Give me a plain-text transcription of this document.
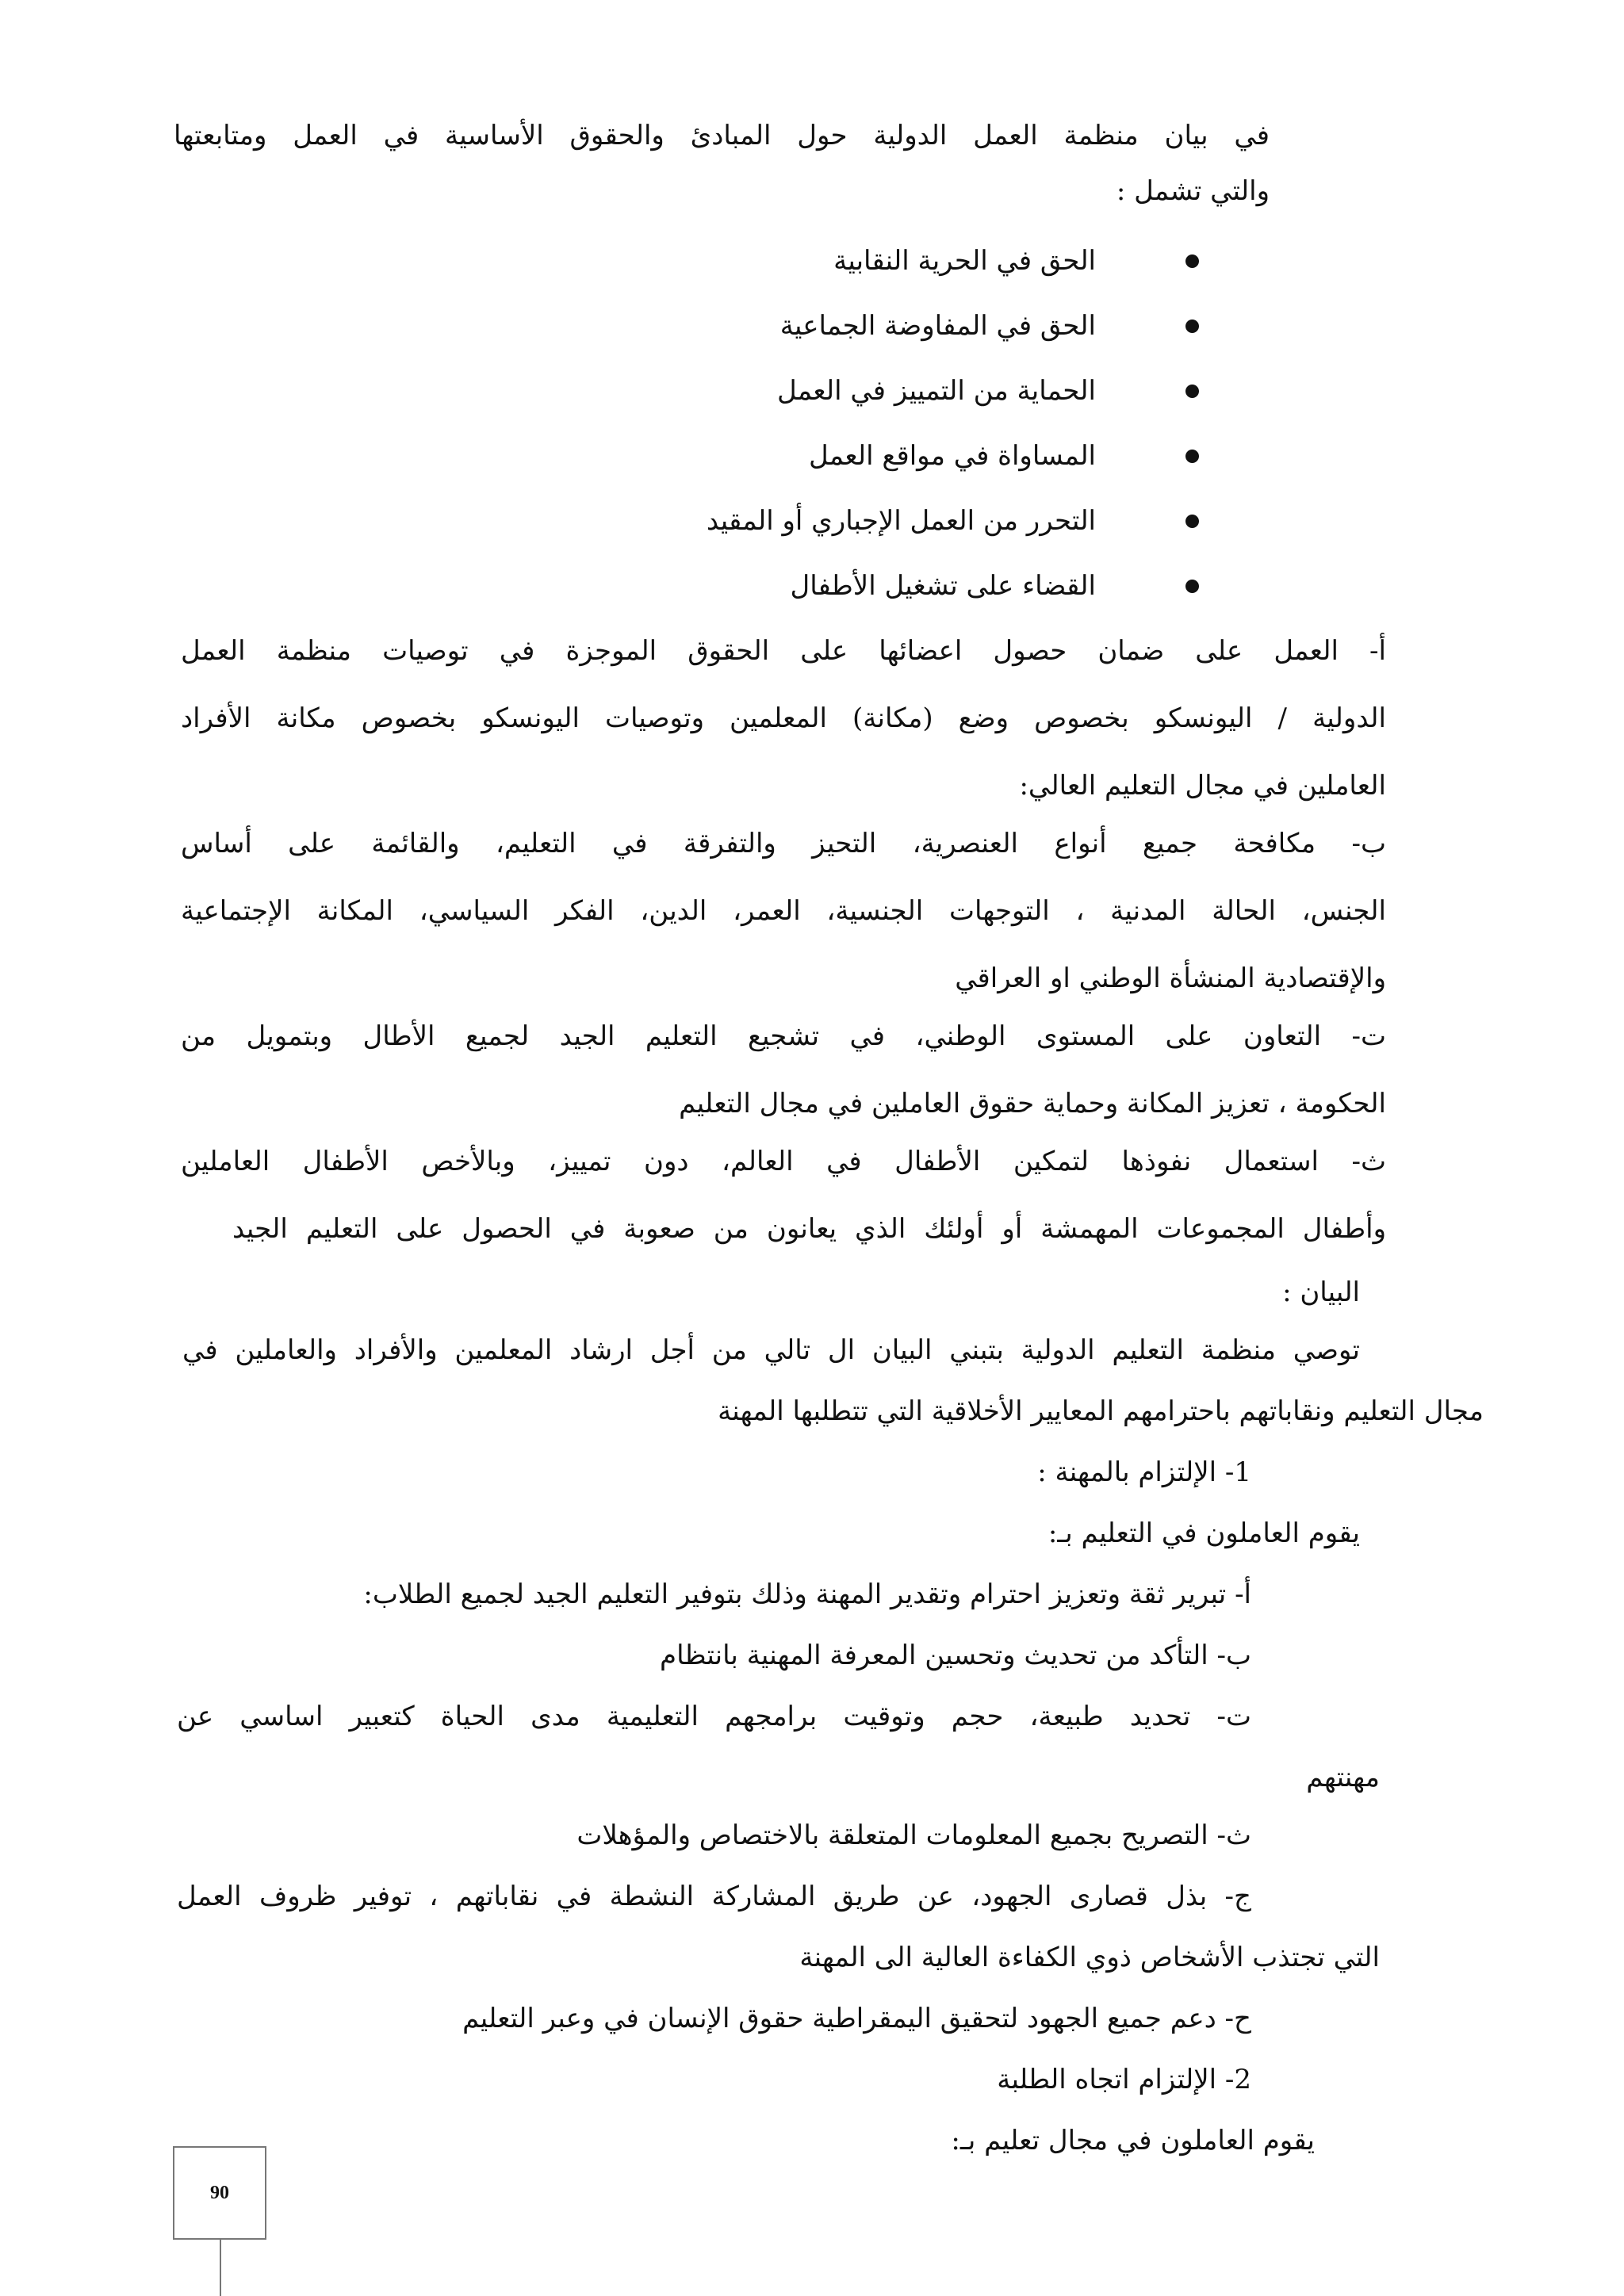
في بيان منظمة العمل الدولية حول المبادئ والحقوق الأساسية في العمل ومتابعتها

والتي تشمل :

الحق في الحرية النقابية
الحق في المفاوضة الجماعية
الحماية من التمييز في العمل
المساواة في مواقع العمل
التحرر من العمل الإجباري أو المقيد
القضاء على تشغيل الأطفال

أ- العمل على ضمان حصول اعضائها على الحقوق الموجزة في توصيات منظمة العمل

الدولية / اليونسكو بخصوص وضع (مكانة) المعلمين وتوصيات اليونسكو بخصوص مكانة الأفراد

العاملين في مجال التعليم العالي:

ب- مكافحة جميع أنواع العنصرية، التحيز والتفرقة في التعليم، والقائمة على أساس

الجنس، الحالة المدنية ، التوجهات الجنسية، العمر، الدين، الفكر السياسي، المكانة الإجتماعية

والإقتصادية المنشأة الوطني او العراقي

ت- التعاون على المستوى الوطني، في تشجيع التعليم الجيد لجميع الأطال وبتمويل من

الحكومة ، تعزيز المكانة وحماية حقوق العاملين في مجال التعليم

ث- استعمال نفوذها لتمكين الأطفال في العالم، دون تمييز، وبالأخص الأطفال العاملين

وأطفال المجموعات المهمشة أو أولئك الذي يعانون من صعوبة في الحصول على التعليم الجيد

البيان :

توصي منظمة التعليم الدولية بتبني البيان ال تالي من أجل ارشاد المعلمين والأفراد والعاملين في

مجال التعليم ونقاباتهم باحترامهم المعايير الأخلاقية التي تتطلبها المهنة

1- الإلتزام بالمهنة :

يقوم العاملون في التعليم بـ:

أ- تبرير ثقة وتعزيز احترام وتقدير المهنة وذلك بتوفير التعليم الجيد لجميع الطلاب:

ب- التأكد من تحديث وتحسين المعرفة المهنية بانتظام

ت- تحديد طبيعة، حجم وتوقيت برامجهم التعليمية مدى الحياة كتعبير اساسي عن

مهنتهم

ث- التصريح بجميع المعلومات المتعلقة بالاختصاص والمؤهلات

ج- بذل قصارى الجهود، عن طريق المشاركة النشطة في نقاباتهم ، توفير ظروف العمل

التي تجتذب الأشخاص ذوي الكفاءة العالية الى المهنة

ح- دعم جميع الجهود لتحقيق اليمقراطية حقوق الإنسان في وعبر التعليم

2- الإلتزام اتجاه الطلبة

يقوم العاملون في مجال تعليم بـ:

90
